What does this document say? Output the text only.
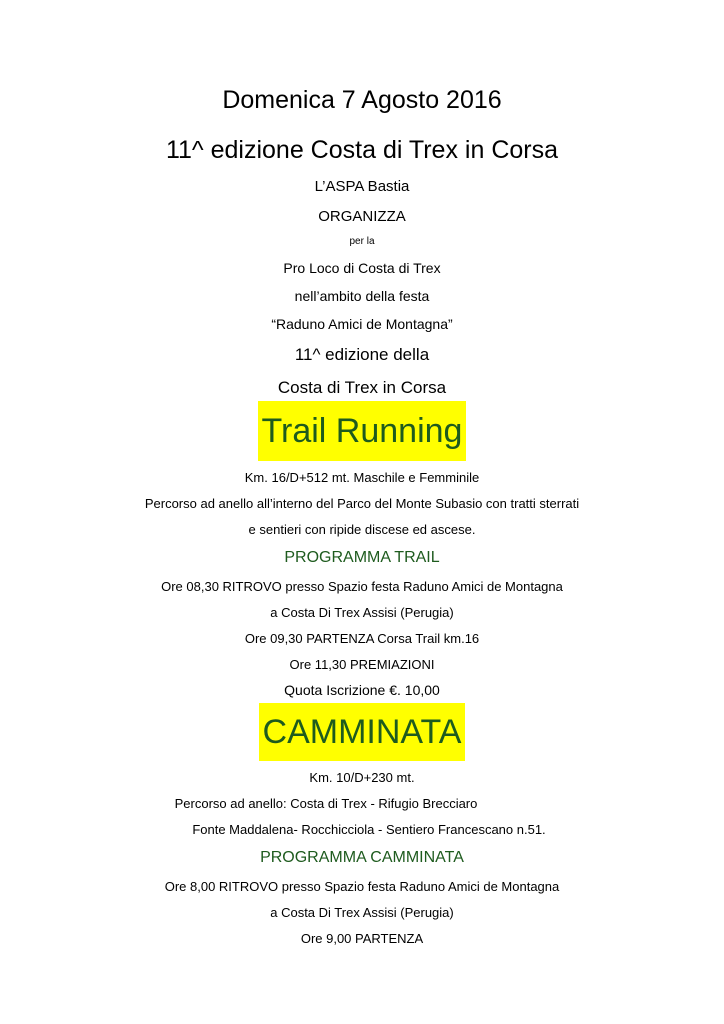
Domenica 7 Agosto 2016
11^ edizione Costa di Trex in Corsa
L’ASPA Bastia
ORGANIZZA
per la
Pro Loco di Costa di Trex
nell’ambito della festa
“Raduno Amici de Montagna”
11^ edizione della
Costa di Trex in Corsa
Trail Running
Km. 16/D+512 mt. Maschile e Femminile
Percorso ad anello all’interno del Parco del Monte Subasio con tratti sterrati
e sentieri con ripide discese ed ascese.
PROGRAMMA TRAIL
Ore 08,30 RITROVO presso Spazio festa Raduno Amici de Montagna
a Costa Di Trex Assisi (Perugia)
Ore 09,30 PARTENZA Corsa Trail km.16
Ore 11,30 PREMIAZIONI
Quota Iscrizione €. 10,00
CAMMINATA
Km. 10/D+230 mt.
Percorso ad anello: Costa di Trex - Rifugio Brecciaro
Fonte Maddalena- Rocchicciola - Sentiero Francescano n.51.
PROGRAMMA CAMMINATA
Ore 8,00 RITROVO presso Spazio festa Raduno Amici de Montagna
a Costa Di Trex Assisi (Perugia)
Ore 9,00 PARTENZA
